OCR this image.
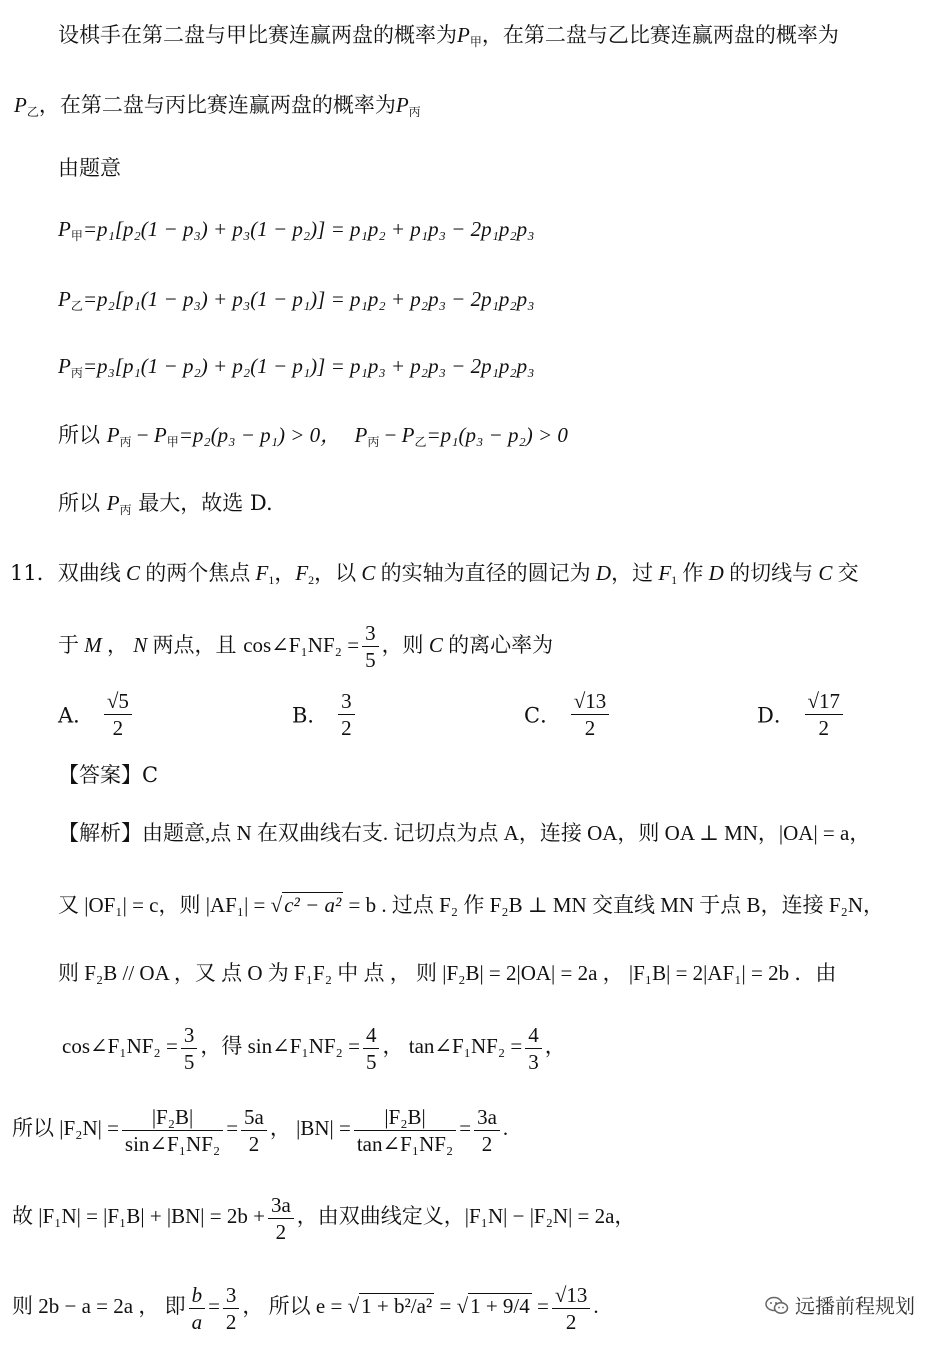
设棋手在第二盘与甲比赛连赢两盘的概率为$P_甲$，在第二盘与乙比赛连赢两盘的概率为
$P_乙$，在第二盘与丙比赛连赢两盘的概率为$P_丙$
由题意
$P_甲=p_1[p_2(1 - p_3) + p_3(1 - p_2)] = p_1p_2 + p_1p_3 - 2p_1p_2p_3$
$P_乙=p_2[p_1(1 - p_3) + p_3(1 - p_1)] = p_1p_2 + p_2p_3 - 2p_1p_2p_3$
$P_丙=p_3[p_1(1 - p_2) + p_2(1 - p_1)] = p_1p_3 + p_2p_3 - 2p_1p_2p_3$
所以 $P_丙 - P_甲=p_2(p_3 - p_1) > 0$， $P_丙 - P_乙=p_1(p_3 - p_2) > 0$
所以 $P_丙$ 最大，故选 D.
11．双曲线 C 的两个焦点 $F_1$，$F_2$，以 C 的实轴为直径的圆记为 D，过 $F_1$ 作 D 的切线与 C 交
于 M ， N 两点，且 cos∠F₁NF₂ = $\frac{3}{5}$ ，则 C 的离心率为
A． $\frac{√5}{2}$	B． $\frac{3}{2}$	C． $\frac{√13}{2}$	D． $\frac{√17}{2}$
【答案】C
【解析】由题意,点 N 在双曲线右支. 记切点为点 A，连接 OA，则 OA ⊥ MN，|OA| = a，
又 |OF₁| = c，则 |AF₁| = √c² − a² = b . 过点 F₂ 作 F₂B ⊥ MN 交直线 MN 于点 B，连接 F₂N，
则 F₂B // OA ，又 点 O 为 F₁F₂ 中 点 ， 则 |F₂B| = 2|OA| = 2a ， |F₁B| = 2|AF₁| = 2b ．由
cos∠F₁NF₂ = $\frac{3}{5}$ ，得 sin∠F₁NF₂ = $\frac{4}{5}$ ， tan∠F₁NF₂ = $\frac{4}{3}$ ，
所以 $|F_2N| = \frac{\text{|F₂B|}}{\text{sin∠F₁NF₂}} = \frac{5a}{2}$ ， $|BN| = \frac{\text{|F₂B|}}{\text{tan∠F₁NF₂}} = \frac{3a}{2}$ .
故 $|F_1N| = |F_1B| + |BN| = 2b + \frac{3a}{2}$ ，由双曲线定义，|F₁N| − |F₂N| = 2a，
则 2b − a = 2a ， 即 $\frac{b}{a} = \frac{3}{2}$ ， 所以 $e = √1 + b^2/a^2 = √1 + 9/4 = \frac{√13}{2}$ .	远播前程规划
